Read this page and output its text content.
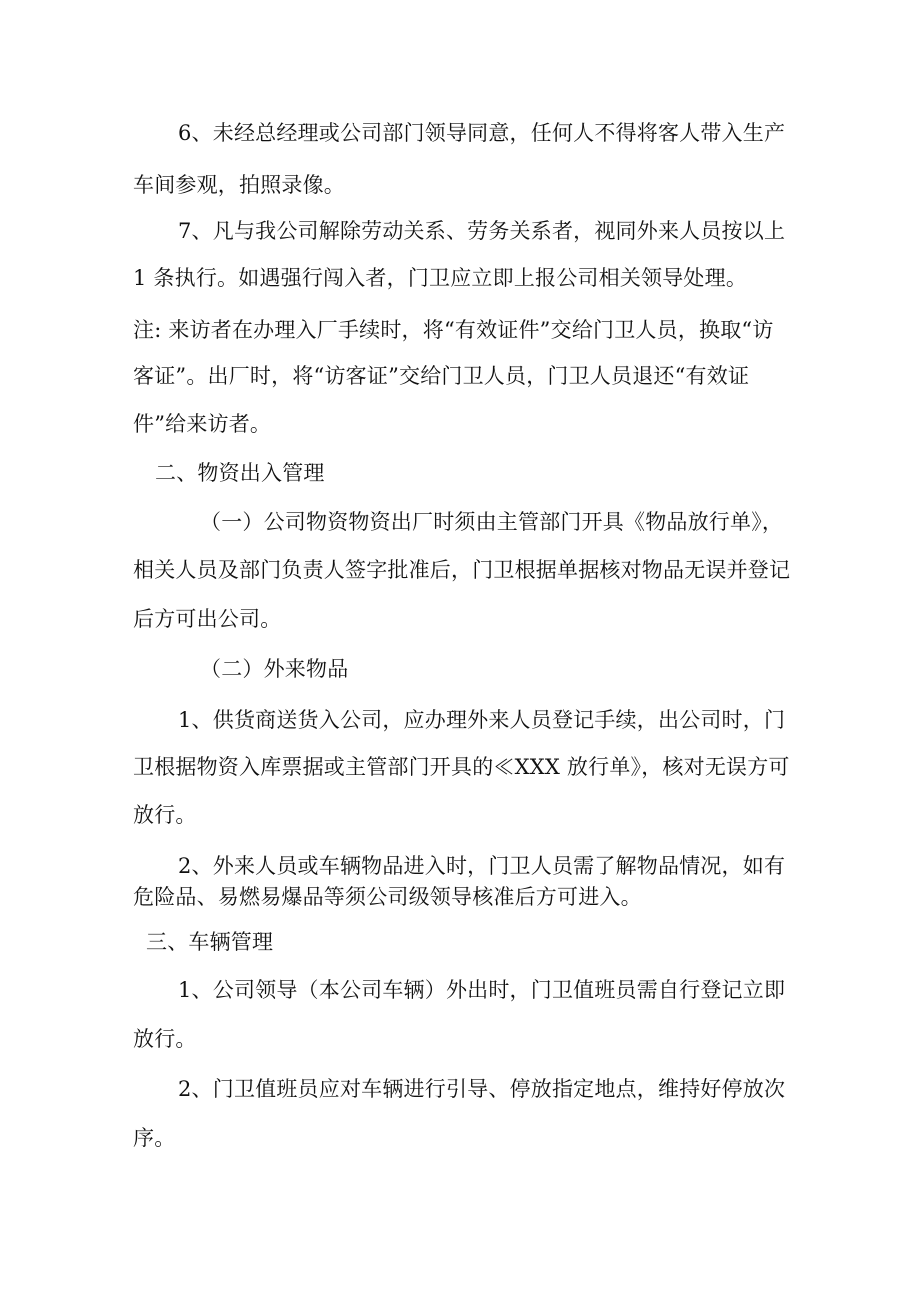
6、未经总经理或公司部门领导同意，任何人不得将客人带入生产

车间参观，拍照录像。

7、凡与我公司解除劳动关系、劳务关系者，视同外来人员按以上

1 条执行。如遇强行闯入者，门卫应立即上报公司相关领导处理。

注: 来访者在办理入厂手续时，将“有效证件”交给门卫人员，换取“访

客证”。出厂时，将“访客证”交给门卫人员，门卫人员退还“有效证

件”给来访者。

二、物资出入管理

（一）公司物资物资出厂时须由主管部门开具《物品放行单》，

相关人员及部门负责人签字批准后，门卫根据单据核对物品无误并登记

后方可出公司。

（二）外来物品

1、供货商送货入公司，应办理外来人员登记手续，出公司时，门

卫根据物资入库票据或主管部门开具的≪XXX 放行单》，核对无误方可

放行。

2、外来人员或车辆物品进入时，门卫人员需了解物品情况，如有

危险品、易燃易爆品等须公司级领导核准后方可进入。

三、车辆管理

1、公司领导（本公司车辆）外出时，门卫值班员需自行登记立即

放行。

2、门卫值班员应对车辆进行引导、停放指定地点，维持好停放次

序。
